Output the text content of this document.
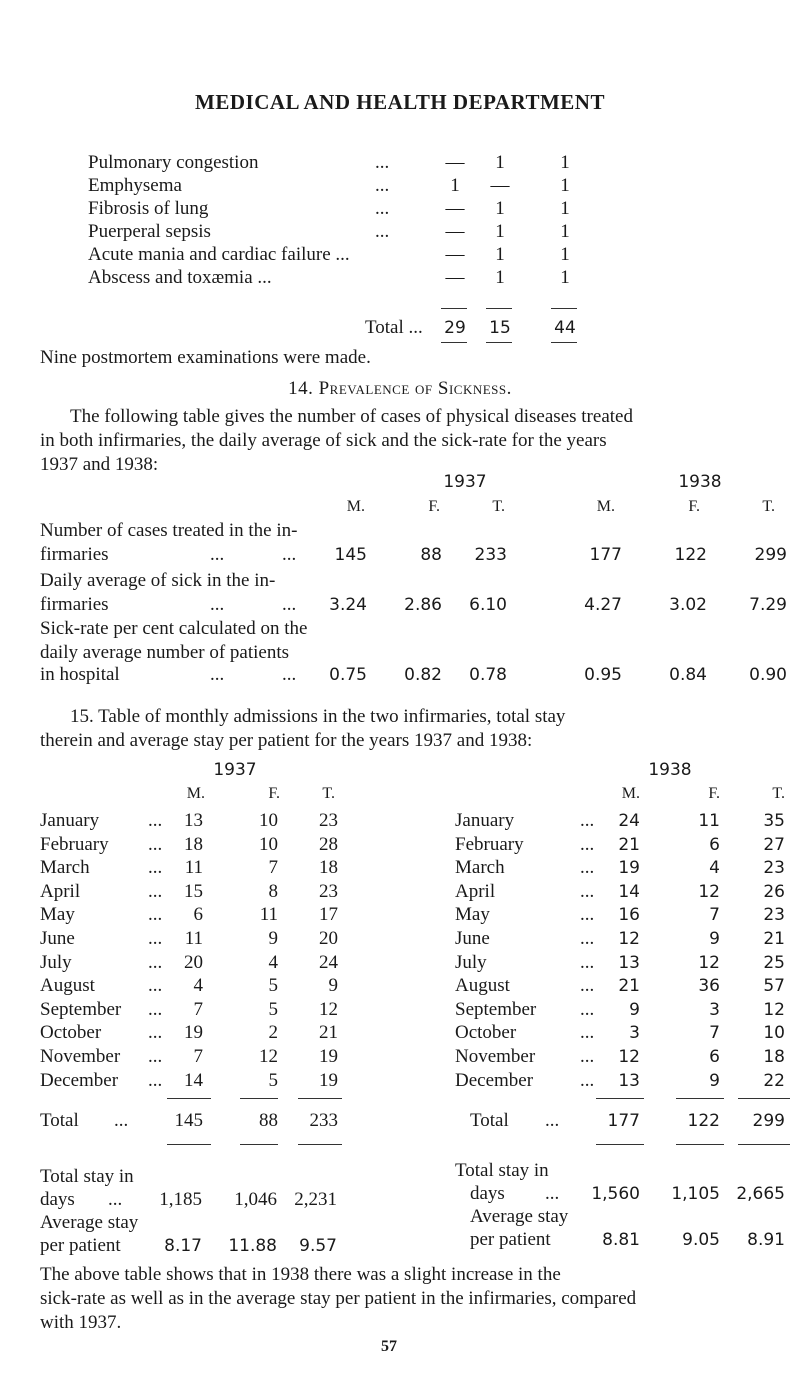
MEDICAL AND HEALTH DEPARTMENT
Pulmonary congestion	...	—	1	1
Emphysema	...	1	—	1
Fibrosis of lung	...	—	1	1
Puerperal sepsis	...	—	1	1
Acute mania and cardiac failure ...	—	1	1
Abscess and toxæmia ...	—	1	1
Total ... 29 15	44
Nine postmortem examinations were made.
14. Prevalence of Sickness.
The following table gives the number of cases of physical diseases treated
in both infirmaries, the daily average of sick and the sick-rate for the years
1937 and 1938:
1937	1938
M.	F.	T.	M.	F.	T.
Number of cases treated in the in-
firmaries	...	...	145	88	233	177	122	299
Daily average of sick in the in-
firmaries	...	...	3.24	2.86	6.10	4.27	3.02	7.29
Sick-rate per cent calculated on the
daily average number of patients
in hospital	...	...	0.75	0.82	0.78	0.95	0.84	0.90
15. Table of monthly admissions in the two infirmaries, total stay
therein and average stay per patient for the years 1937 and 1938:
1937	1938
M.	F.	T.	M.	F.	T.
January	...	13	10	23
February ...	18	10	28
March	...	11	7	18
April	...	15	8	23
May	...	6	11	17
June	...	11	9	20
July	...	20	4	24
August	...	4	5	9
September ...	7	5	12
October ...	19	2	21
November ...	7	12	19
December ...	14	5	19
January	...	24	11	35
February	...	21	6	27
March	...	19	4	23
April	...	14	12	26
May	...	16	7	23
June	...	12	9	21
July	...	13	12	25
August	...	21	36	57
September ...	9	3	12
October	...	3	7	10
November ...	12	6	18
December ...	13	9	22
Total ...	145	88	233	Total ...	177	122	299
Total stay in
days ...	1,185	1,046 2,231
Total stay in
days ...	1,560	1,105 2,665
Average stay
per patient	8.17	11.88	9.57
Average stay
per patient	8.81	9.05	8.91
The above table shows that in 1938 there was a slight increase in the
sick-rate as well as in the average stay per patient in the infirmaries, compared
with 1937.
57
